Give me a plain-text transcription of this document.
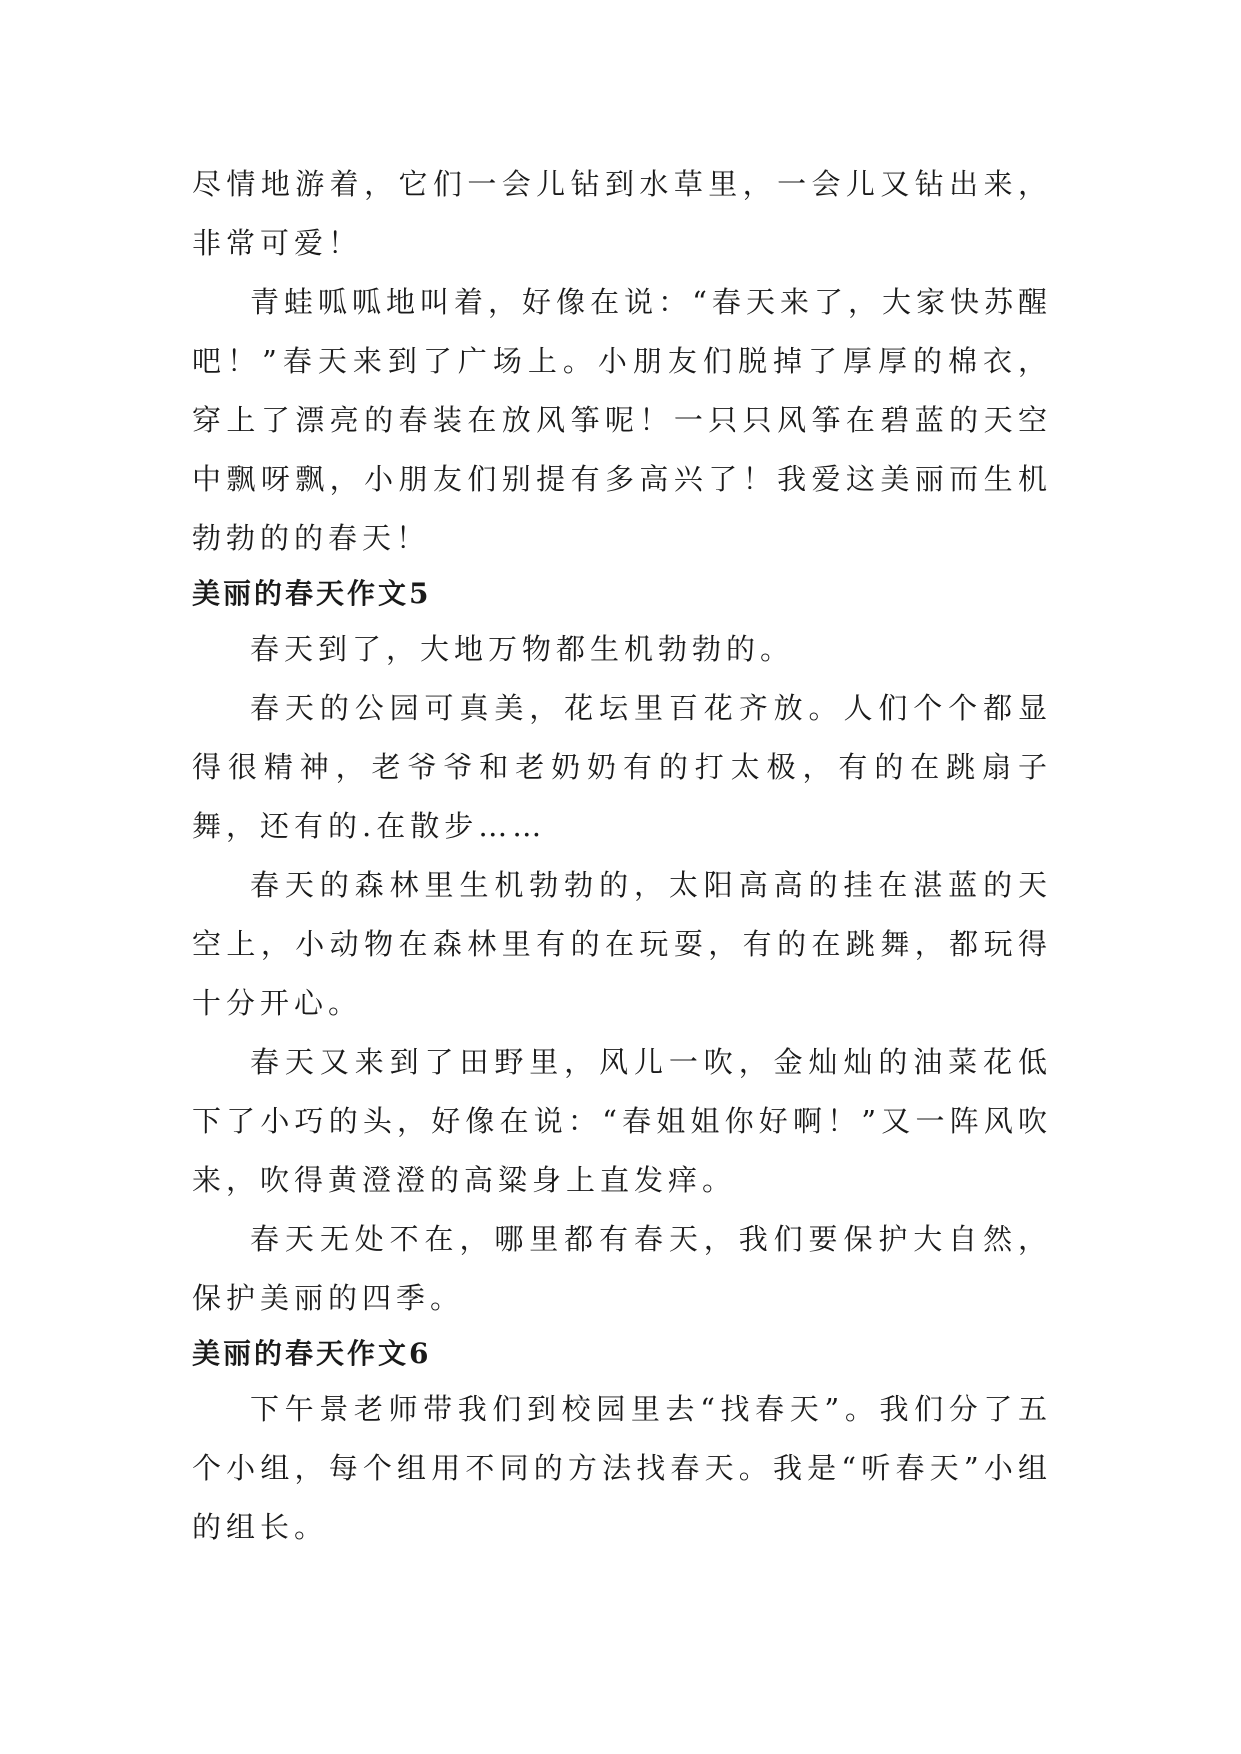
尽情地游着，它们一会儿钻到水草里，一会儿又钻出来，非常可爱！

青蛙呱呱地叫着，好像在说：“春天来了，大家快苏醒吧！”春天来到了广场上。小朋友们脱掉了厚厚的棉衣，穿上了漂亮的春装在放风筝呢！一只只风筝在碧蓝的天空中飘呀飘，小朋友们别提有多高兴了！我爱这美丽而生机勃勃的的春天！

美丽的春天作文5

春天到了，大地万物都生机勃勃的。

春天的公园可真美，花坛里百花齐放。人们个个都显得很精神，老爷爷和老奶奶有的打太极，有的在跳扇子舞，还有的.在散步……

春天的森林里生机勃勃的，太阳高高的挂在湛蓝的天空上，小动物在森林里有的在玩耍，有的在跳舞，都玩得十分开心。

春天又来到了田野里，风儿一吹，金灿灿的油菜花低下了小巧的头，好像在说：“春姐姐你好啊！”又一阵风吹来，吹得黄澄澄的高粱身上直发痒。

春天无处不在，哪里都有春天，我们要保护大自然，保护美丽的四季。

美丽的春天作文6

下午景老师带我们到校园里去“找春天”。我们分了五个小组，每个组用不同的方法找春天。我是“听春天”小组的组长。
